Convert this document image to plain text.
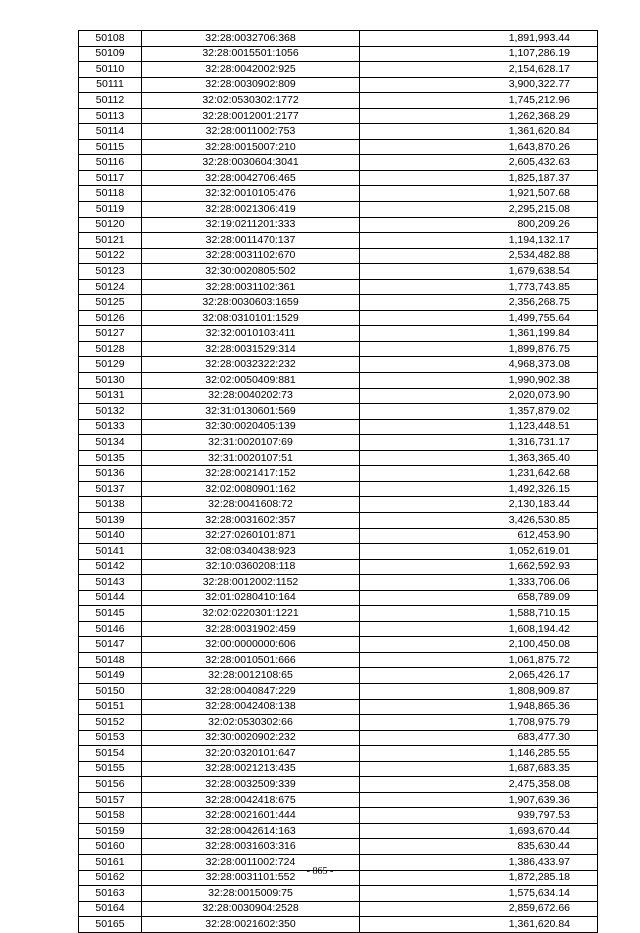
50108	32:28:0032706:368	1,891,993.44
50109	32:28:0015501:1056	1,107,286.19
50110	32:28:0042002:925	2,154,628.17
50111	32:28:0030902:809	3,900,322.77
50112	32:02:0530302:1772	1,745,212.96
50113	32:28:0012001:2177	1,262,368.29
50114	32:28:0011002:753	1,361,620.84
50115	32:28:0015007:210	1,643,870.26
50116	32:28:0030604:3041	2,605,432.63
50117	32:28:0042706:465	1,825,187.37
50118	32:32:0010105:476	1,921,507.68
50119	32:28:0021306:419	2,295,215.08
50120	32:19:0211201:333	800,209.26
50121	32:28:0011470:137	1,194,132.17
50122	32:28:0031102:670	2,534,482.88
50123	32:30:0020805:502	1,679,638.54
50124	32:28:0031102:361	1,773,743.85
50125	32:28:0030603:1659	2,356,268.75
50126	32:08:0310101:1529	1,499,755.64
50127	32:32:0010103:411	1,361,199.84
50128	32:28:0031529:314	1,899,876.75
50129	32:28:0032322:232	4,968,373.08
50130	32:02:0050409:881	1,990,902.38
50131	32:28:0040202:73	2,020,073.90
50132	32:31:0130601:569	1,357,879.02
50133	32:30:0020405:139	1,123,448.51
50134	32:31:0020107:69	1,316,731.17
50135	32:31:0020107:51	1,363,365.40
50136	32:28:0021417:152	1,231,642.68
50137	32:02:0080901:162	1,492,326.15
50138	32:28:0041608:72	2,130,183.44
50139	32:28:0031602:357	3,426,530.85
50140	32:27:0260101:871	612,453.90
50141	32:08:0340438:923	1,052,619.01
50142	32:10:0360208:118	1,662,592.93
50143	32:28:0012002:1152	1,333,706.06
50144	32:01:0280410:164	658,789.09
50145	32:02:0220301:1221	1,588,710.15
50146	32:28:0031902:459	1,608,194.42
50147	32:00:0000000:606	2,100,450.08
50148	32:28:0010501:666	1,061,875.72
50149	32:28:0012108:65	2,065,426.17
50150	32:28:0040847:229	1,808,909.87
50151	32:28:0042408:138	1,948,865.36
50152	32:02:0530302:66	1,708,975.79
50153	32:30:0020902:232	683,477.30
50154	32:20:0320101:647	1,146,285.55
50155	32:28:0021213:435	1,687,683.35
50156	32:28:0032509:339	2,475,358.08
50157	32:28:0042418:675	1,907,639.36
50158	32:28:0021601:444	939,797.53
50159	32:28:0042614:163	1,693,670.44
50160	32:28:0031603:316	835,630.44
50161	32:28:0011002:724	1,386,433.97
50162	32:28:0031101:552	1,872,285.18
50163	32:28:0015009:75	1,575,634.14
50164	32:28:0030904:2528	2,859,672.66
50165	32:28:0021602:350	1,361,620.84
- 865 -
